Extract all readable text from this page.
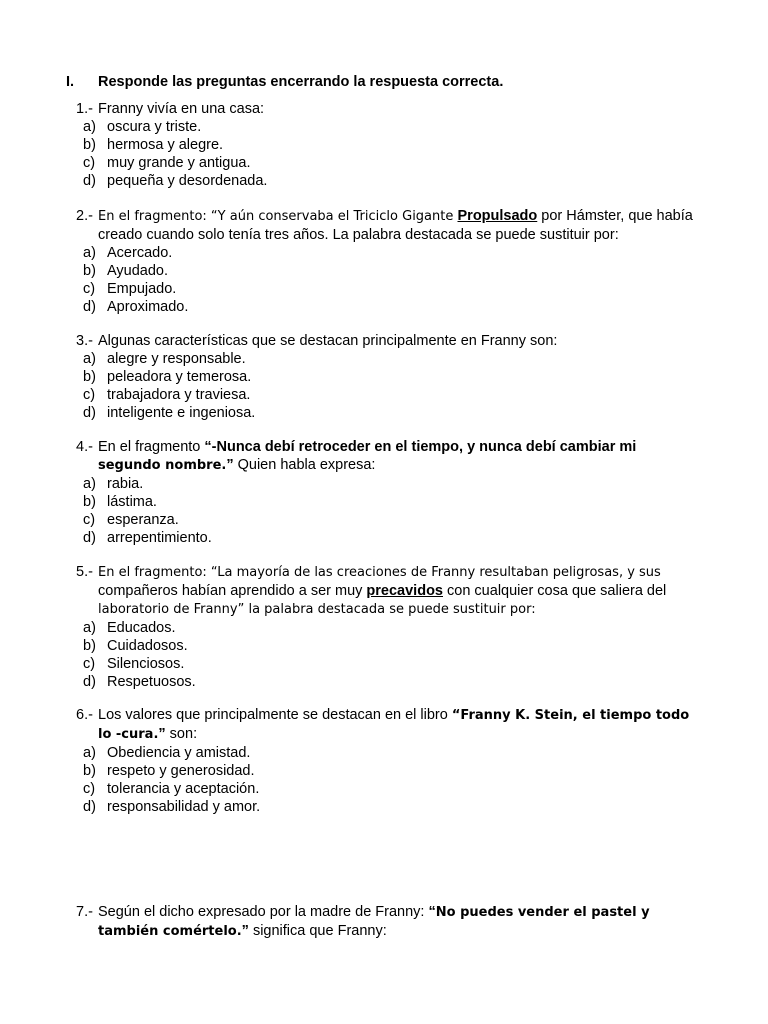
I. Responde las preguntas encerrando la respuesta correcta.
1.- Franny vivía en una casa:
a) oscura y triste.
b) hermosa y alegre.
c) muy grande y antigua.
d) pequeña y desordenada.
2.- En el fragmento: “Y aún conservaba el Triciclo Gigante Propulsado por Hámster, que había creado cuando solo tenía tres años. La palabra destacada se puede sustituir por:
a) Acercado.
b) Ayudado.
c) Empujado.
d) Aproximado.
3.- Algunas características que se destacan principalmente en Franny son:
a) alegre y responsable.
b) peleadora y temerosa.
c) trabajadora y traviesa.
d) inteligente e ingeniosa.
4.- En el fragmento “-Nunca debí retroceder en el tiempo, y nunca debí cambiar mi segundo nombre.” Quien habla expresa:
a) rabia.
b) lástima.
c) esperanza.
d) arrepentimiento.
5.- En el fragmento: “La mayoría de las creaciones de Franny resultaban peligrosas, y sus compañeros habían aprendido a ser muy precavidos con cualquier cosa que saliera del laboratorio de Franny” la palabra destacada se puede sustituir por:
a) Educados.
b) Cuidadosos.
c) Silenciosos.
d) Respetuosos.
6.- Los valores que principalmente se destacan en el libro “Franny K. Stein, el tiempo todo lo -cura.” son:
a) Obediencia y amistad.
b) respeto y generosidad.
c) tolerancia y aceptación.
d) responsabilidad y amor.
7.- Según el dicho expresado por la madre de Franny: “No puedes vender el pastel y también comértelo.” significa que Franny:
